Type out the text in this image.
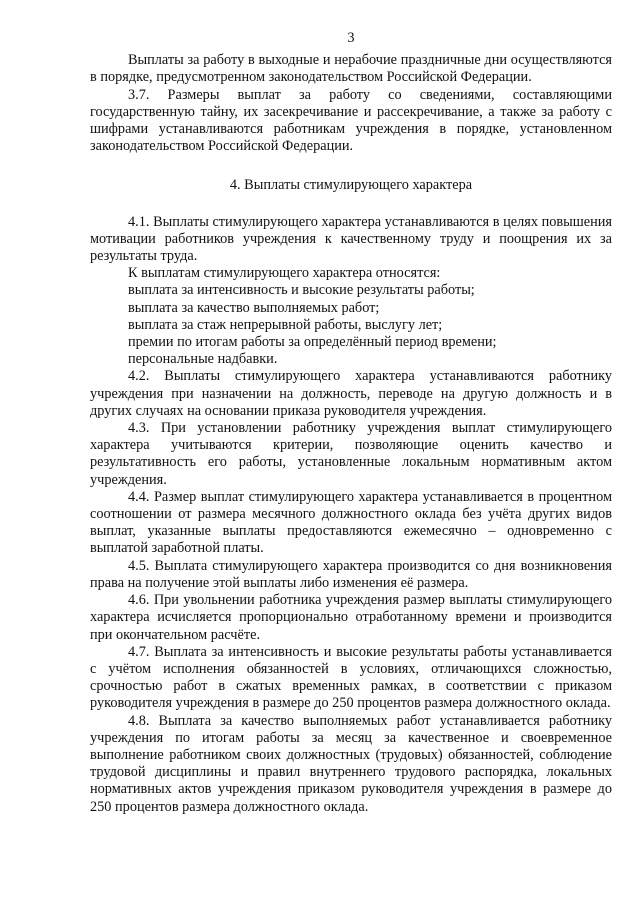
3

Выплаты за работу в выходные и нерабочие праздничные дни осуществляются в порядке, предусмотренном законодательством Российской Федерации.

3.7. Размеры выплат за работу со сведениями, составляющими государственную тайну, их засекречивание и рассекречивание, а также за работу с шифрами устанавливаются работникам учреждения в порядке, установленном законодательством Российской Федерации.

4. Выплаты стимулирующего характера

4.1. Выплаты стимулирующего характера устанавливаются в целях повышения мотивации работников учреждения к качественному труду и поощрения их за результаты труда.

К выплатам стимулирующего характера относятся:

выплата за интенсивность и высокие результаты работы;

выплата за качество выполняемых работ;

выплата за стаж непрерывной работы, выслугу лет;

премии по итогам работы за определённый период времени;

персональные надбавки.

4.2. Выплаты стимулирующего характера устанавливаются работнику учреждения при назначении на должность, переводе на другую должность и в других случаях на основании приказа руководителя учреждения.

4.3. При установлении работнику учреждения выплат стимулирующего характера учитываются критерии, позволяющие оценить качество и результативность его работы, установленные локальным нормативным актом учреждения.

4.4. Размер выплат стимулирующего характера устанавливается в процентном соотношении от размера месячного должностного оклада без учёта других видов выплат, указанные выплаты предоставляются ежемесячно – одновременно с выплатой заработной платы.

4.5. Выплата стимулирующего характера производится со дня возникновения права на получение этой выплаты либо изменения её размера.

4.6. При увольнении работника учреждения размер выплаты стимулирующего характера исчисляется пропорционально отработанному времени и производится при окончательном расчёте.

4.7. Выплата за интенсивность и высокие результаты работы устанавливается с учётом исполнения обязанностей в условиях, отличающихся сложностью, срочностью работ в сжатых временных рамках, в соответствии с приказом руководителя учреждения в размере до 250 процентов размера должностного оклада.

4.8. Выплата за качество выполняемых работ устанавливается работнику учреждения по итогам работы за месяц за качественное и своевременное выполнение работником своих должностных (трудовых) обязанностей, соблюдение трудовой дисциплины и правил внутреннего трудового распорядка, локальных нормативных актов учреждения приказом руководителя учреждения в размере до 250 процентов размера должностного оклада.
